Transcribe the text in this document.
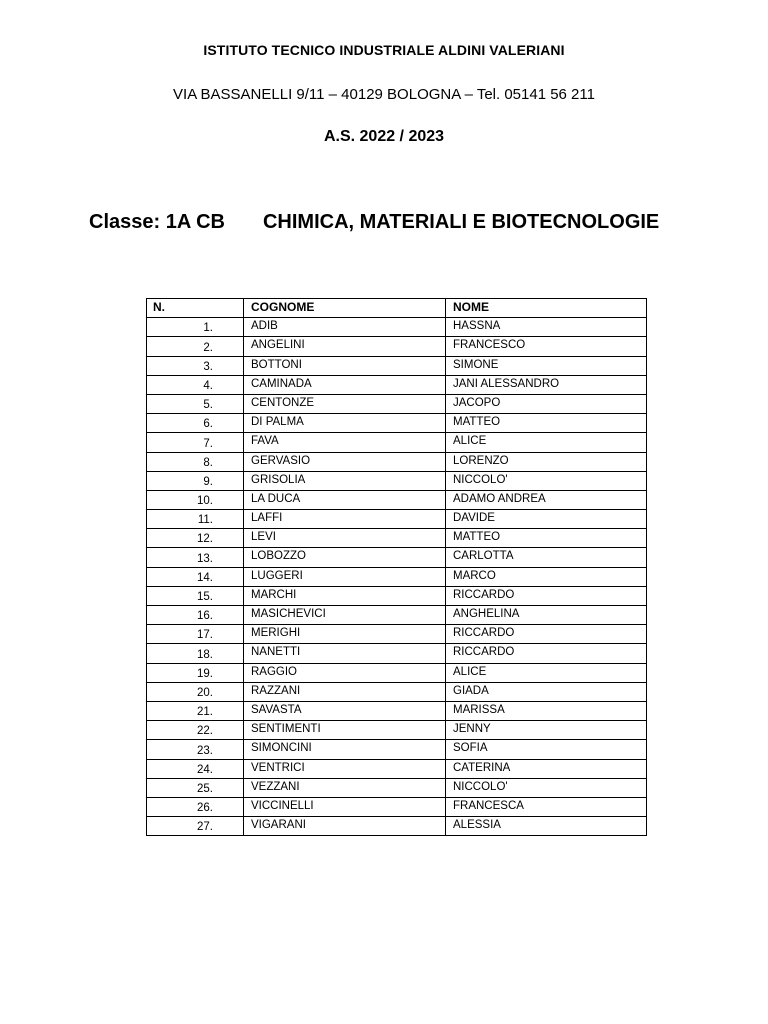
ISTITUTO TECNICO INDUSTRIALE ALDINI VALERIANI
VIA BASSANELLI 9/11 – 40129 BOLOGNA – Tel. 05141 56 211
A.S. 2022 / 2023
Classe: 1A CB CHIMICA, MATERIALI E BIOTECNOLOGIE
N.	COGNOME	NOME
1.	ADIB	HASSNA
2.	ANGELINI	FRANCESCO
3.	BOTTONI	SIMONE
4.	CAMINADA	JANI ALESSANDRO
5.	CENTONZE	JACOPO
6.	DI PALMA	MATTEO
7.	FAVA	ALICE
8.	GERVASIO	LORENZO
9.	GRISOLIA	NICCOLO'
10.	LA DUCA	ADAMO ANDREA
11.	LAFFI	DAVIDE
12.	LEVI	MATTEO
13.	LOBOZZO	CARLOTTA
14.	LUGGERI	MARCO
15.	MARCHI	RICCARDO
16.	MASICHEVICI	ANGHELINA
17.	MERIGHI	RICCARDO
18.	NANETTI	RICCARDO
19.	RAGGIO	ALICE
20.	RAZZANI	GIADA
21.	SAVASTA	MARISSA
22.	SENTIMENTI	JENNY
23.	SIMONCINI	SOFIA
24.	VENTRICI	CATERINA
25.	VEZZANI	NICCOLO'
26.	VICCINELLI	FRANCESCA
27.	VIGARANI	ALESSIA
